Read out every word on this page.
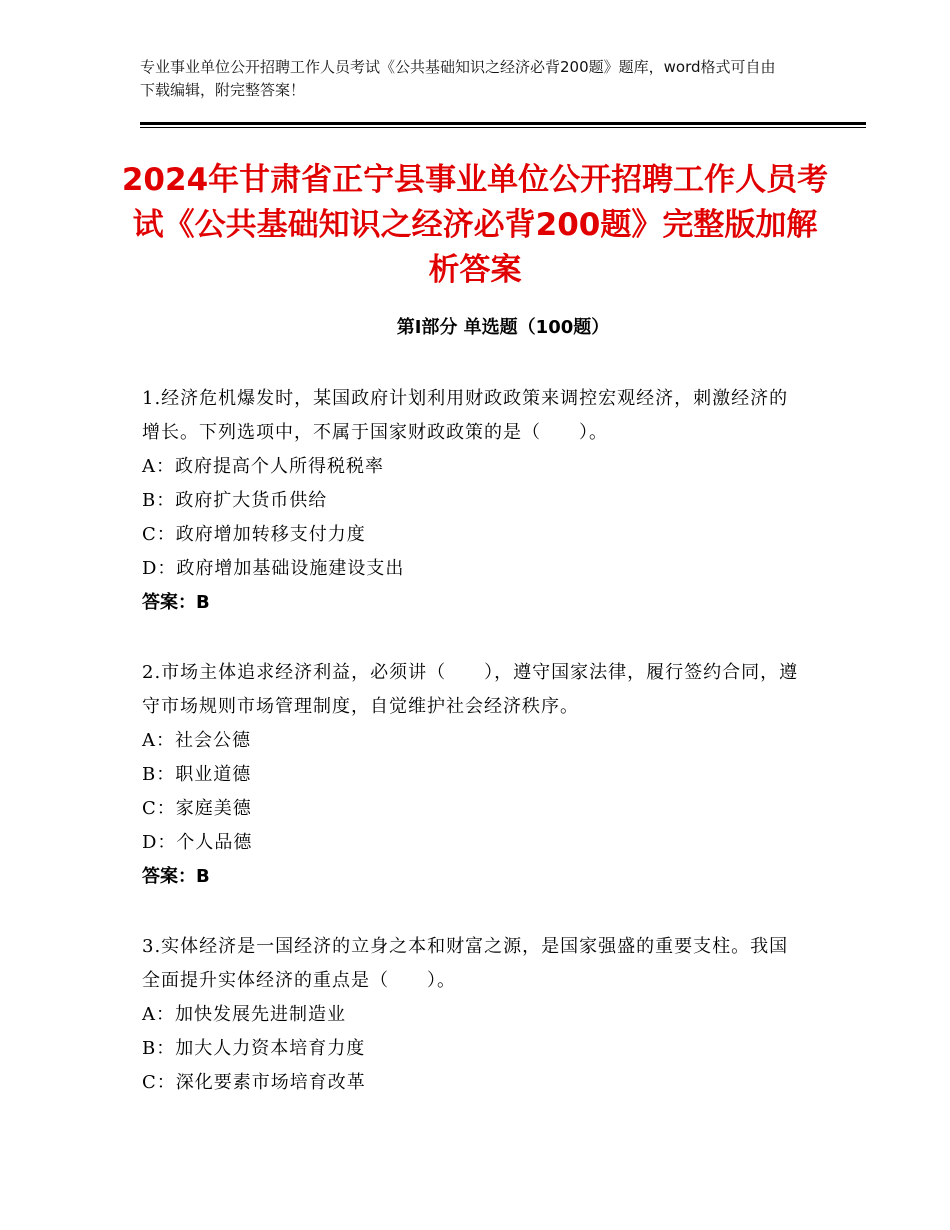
专业事业单位公开招聘工作人员考试《公共基础知识之经济必背200题》题库，word格式可自由下载编辑，附完整答案！
2024年甘肃省正宁县事业单位公开招聘工作人员考试《公共基础知识之经济必背200题》完整版加解析答案
第Ⅰ部分 单选题（100题）

1.经济危机爆发时，某国政府计划利用财政政策来调控宏观经济，刺激经济的增长。下列选项中，不属于国家财政政策的是（　　）。

A：政府提高个人所得税税率

B：政府扩大货币供给

C：政府增加转移支付力度

D：政府增加基础设施建设支出

答案：B

2.市场主体追求经济利益，必须讲（　　），遵守国家法律，履行签约合同，遵守市场规则市场管理制度，自觉维护社会经济秩序。

A：社会公德

B：职业道德

C：家庭美德

D：个人品德

答案：B

3.实体经济是一国经济的立身之本和财富之源，是国家强盛的重要支柱。我国全面提升实体经济的重点是（　　）。

A：加快发展先进制造业

B：加大人力资本培育力度

C：深化要素市场培育改革
